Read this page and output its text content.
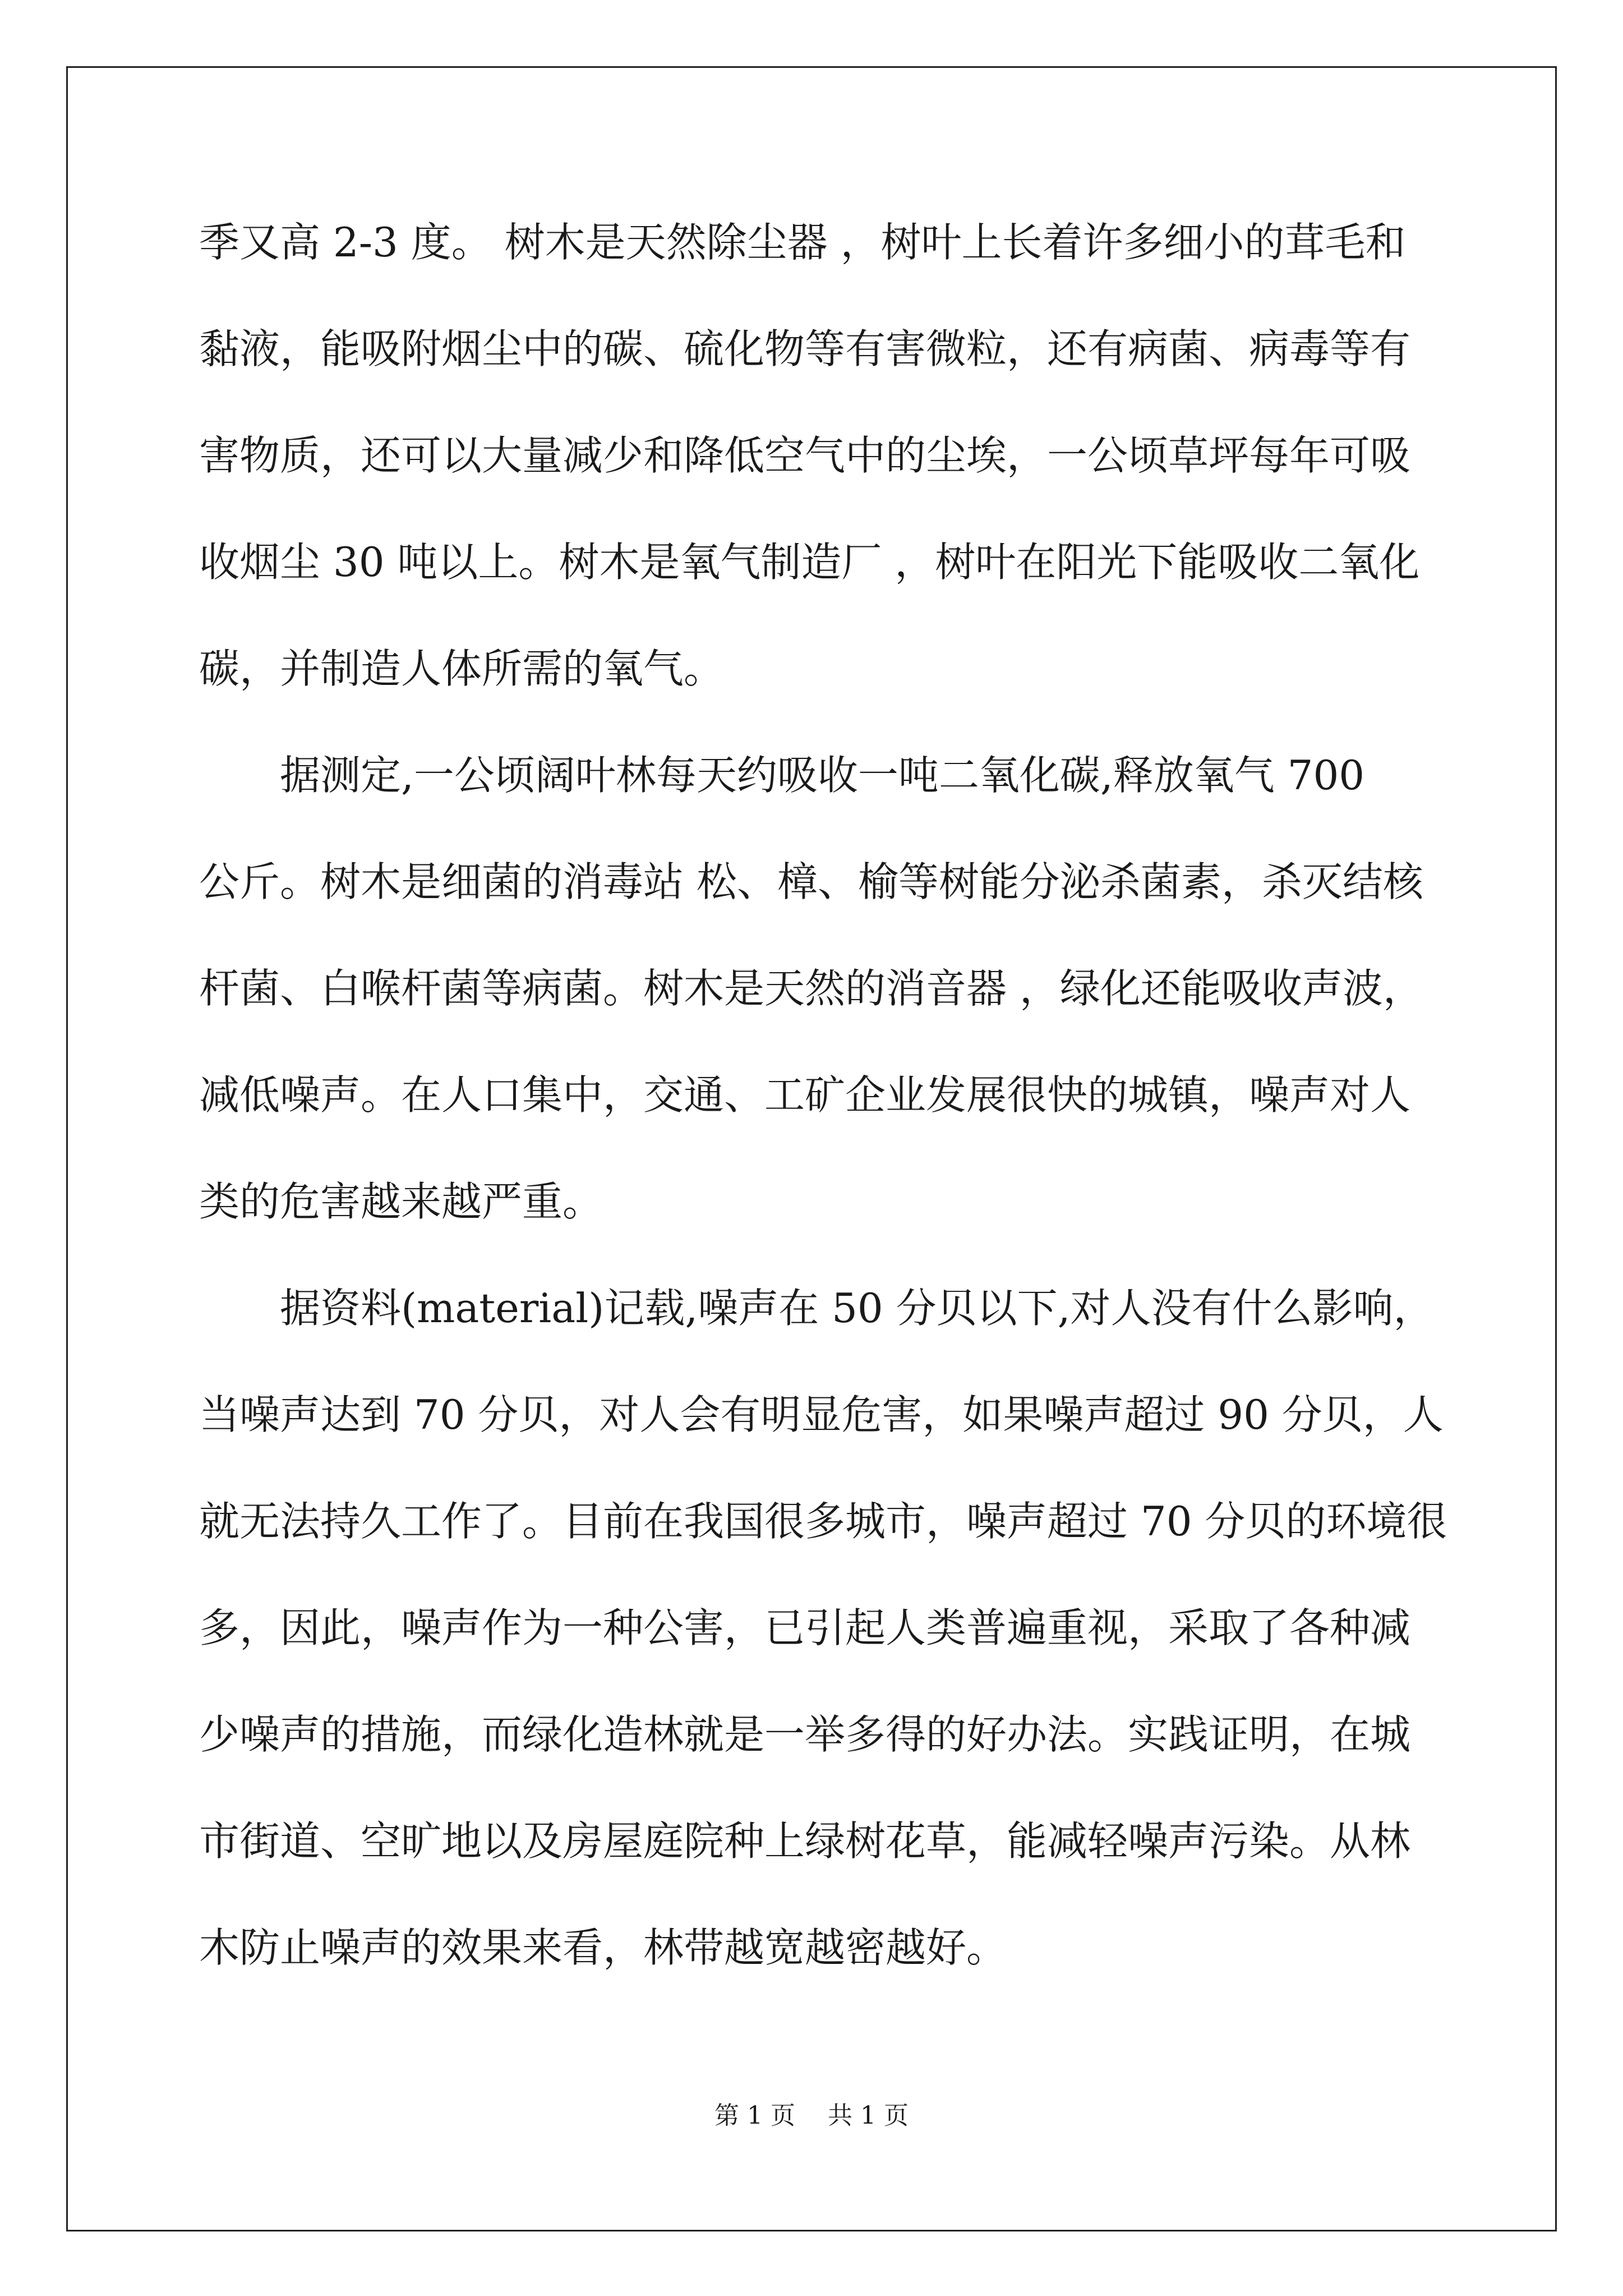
季又高 2-3 度。 树木是天然除尘器 ，树叶上长着许多细小的茸毛和
黏液，能吸附烟尘中的碳、硫化物等有害微粒，还有病菌、病毒等有
害物质，还可以大量减少和降低空气中的尘埃，一公顷草坪每年可吸
收烟尘 30 吨以上。树木是氧气制造厂 ，树叶在阳光下能吸收二氧化
碳，并制造人体所需的氧气。
据测定,一公顷阔叶林每天约吸收一吨二氧化碳,释放氧气 700
公斤。树木是细菌的消毒站 松、樟、榆等树能分泌杀菌素，杀灭结核
杆菌、白喉杆菌等病菌。树木是天然的消音器 ，绿化还能吸收声波，
减低噪声。在人口集中，交通、工矿企业发展很快的城镇，噪声对人
类的危害越来越严重。
据资料(material)记载,噪声在 50 分贝以下,对人没有什么影响，
当噪声达到 70 分贝，对人会有明显危害，如果噪声超过 90 分贝，人
就无法持久工作了。目前在我国很多城市，噪声超过 70 分贝的环境很
多，因此，噪声作为一种公害，已引起人类普遍重视，采取了各种减
少噪声的措施，而绿化造林就是一举多得的好办法。实践证明，在城
市街道、空旷地以及房屋庭院种上绿树花草，能减轻噪声污染。从林
木防止噪声的效果来看，林带越宽越密越好。
第 1 页 共 1 页
